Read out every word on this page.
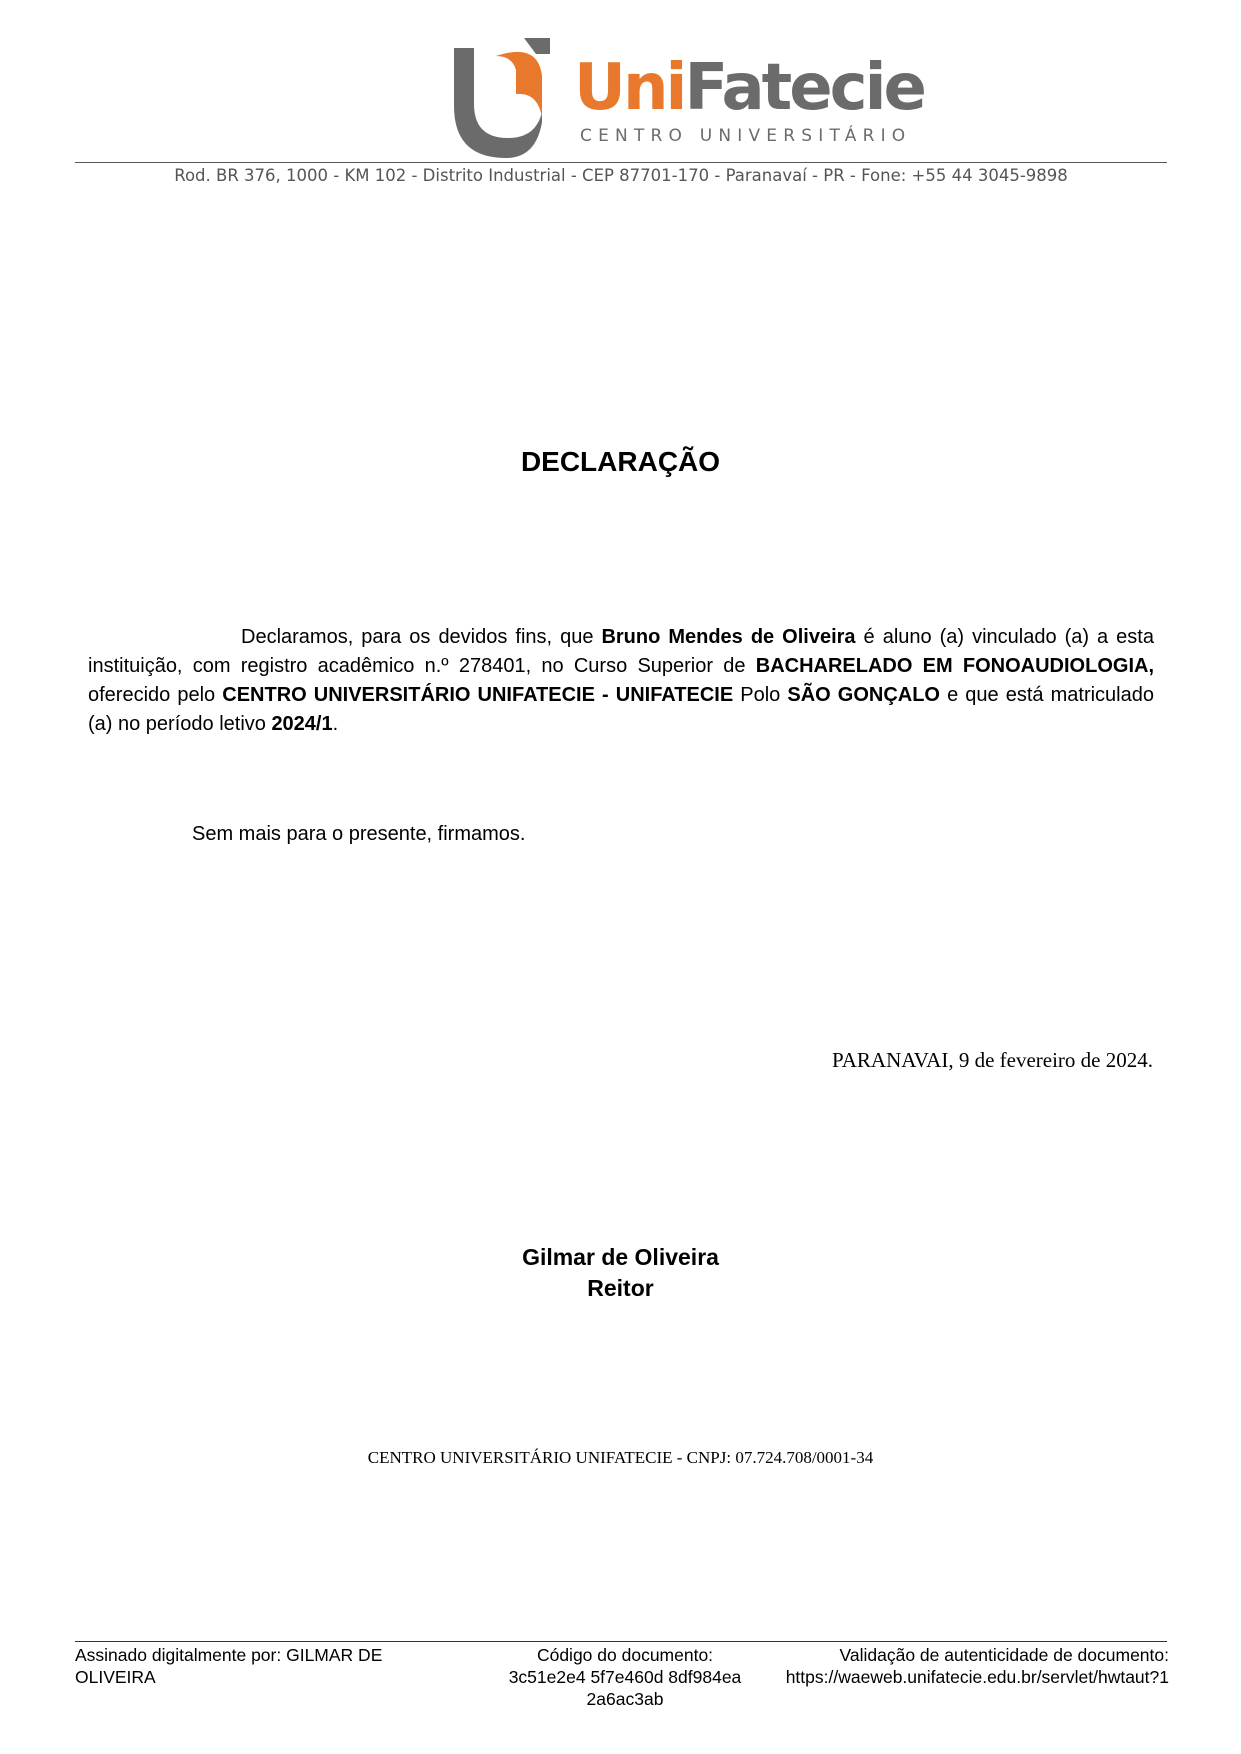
UniFatecie
CENTRO UNIVERSITÁRIO
Rod. BR 376, 1000 - KM 102 - Distrito Industrial - CEP 87701-170 - Paranavaí - PR - Fone: +55 44 3045-9898
DECLARAÇÃO

Declaramos, para os devidos fins, que Bruno Mendes de Oliveira é aluno (a) vinculado (a) a esta instituição, com registro acadêmico n.º 278401, no Curso Superior de BACHARELADO EM FONOAUDIOLOGIA, oferecido pelo CENTRO UNIVERSITÁRIO UNIFATECIE - UNIFATECIE Polo SÃO GONÇALO e que está matriculado (a) no período letivo 2024/1.

Sem mais para o presente, firmamos.

PARANAVAI, 9 de fevereiro de 2024.
Gilmar de Oliveira
Reitor
CENTRO UNIVERSITÁRIO UNIFATECIE - CNPJ: 07.724.708/0001-34
Assinado digitalmente por: GILMAR DE
OLIVEIRA
Código do documento:
3c51e2e4 5f7e460d 8df984ea
2a6ac3ab
Validação de autenticidade de documento:
https://waeweb.unifatecie.edu.br/servlet/hwtaut?1
